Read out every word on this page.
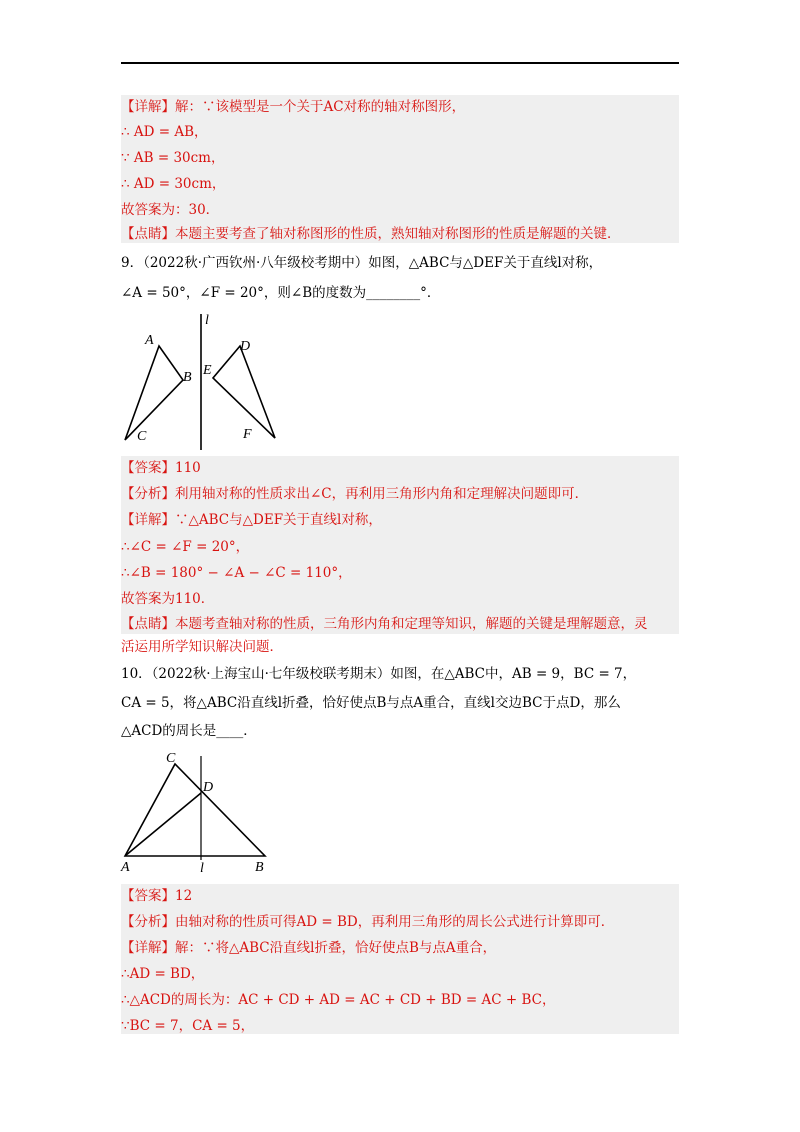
【详解】解：∵该模型是一个关于AC对称的轴对称图形，
∴ AD = AB，
∵ AB = 30cm，
∴ AD = 30cm，
故答案为：30．
【点睛】本题主要考查了轴对称图形的性质，熟知轴对称图形的性质是解题的关键．
9．（2022秋·广西钦州·八年级校考期中）如图，△ABC与△DEF关于直线l对称，
∠A = 50°，∠F = 20°，则∠B的度数为________°．
l
A
B
C
D
E
F
【答案】110
【分析】利用轴对称的性质求出∠C，再利用三角形内角和定理解决问题即可．
【详解】∵△ABC与△DEF关于直线l对称，
∴∠C = ∠F = 20°，
∴∠B = 180° − ∠A − ∠C = 110°，
故答案为110．
【点睛】本题考查轴对称的性质，三角形内角和定理等知识，解题的关键是理解题意，灵
活运用所学知识解决问题．
10．（2022秋·上海宝山·七年级校联考期末）如图，在△ABC中，AB = 9，BC = 7，
CA = 5，将△ABC沿直线l折叠，恰好使点B与点A重合，直线l交边BC于点D，那么
△ACD的周长是____．
C
D
A	l	B
【答案】12
【分析】由轴对称的性质可得AD = BD，再利用三角形的周长公式进行计算即可．
【详解】解：∵将△ABC沿直线l折叠，恰好使点B与点A重合，
∴AD = BD，
∴△ACD的周长为：AC + CD + AD = AC + CD + BD = AC + BC，
∵BC = 7，CA = 5，
